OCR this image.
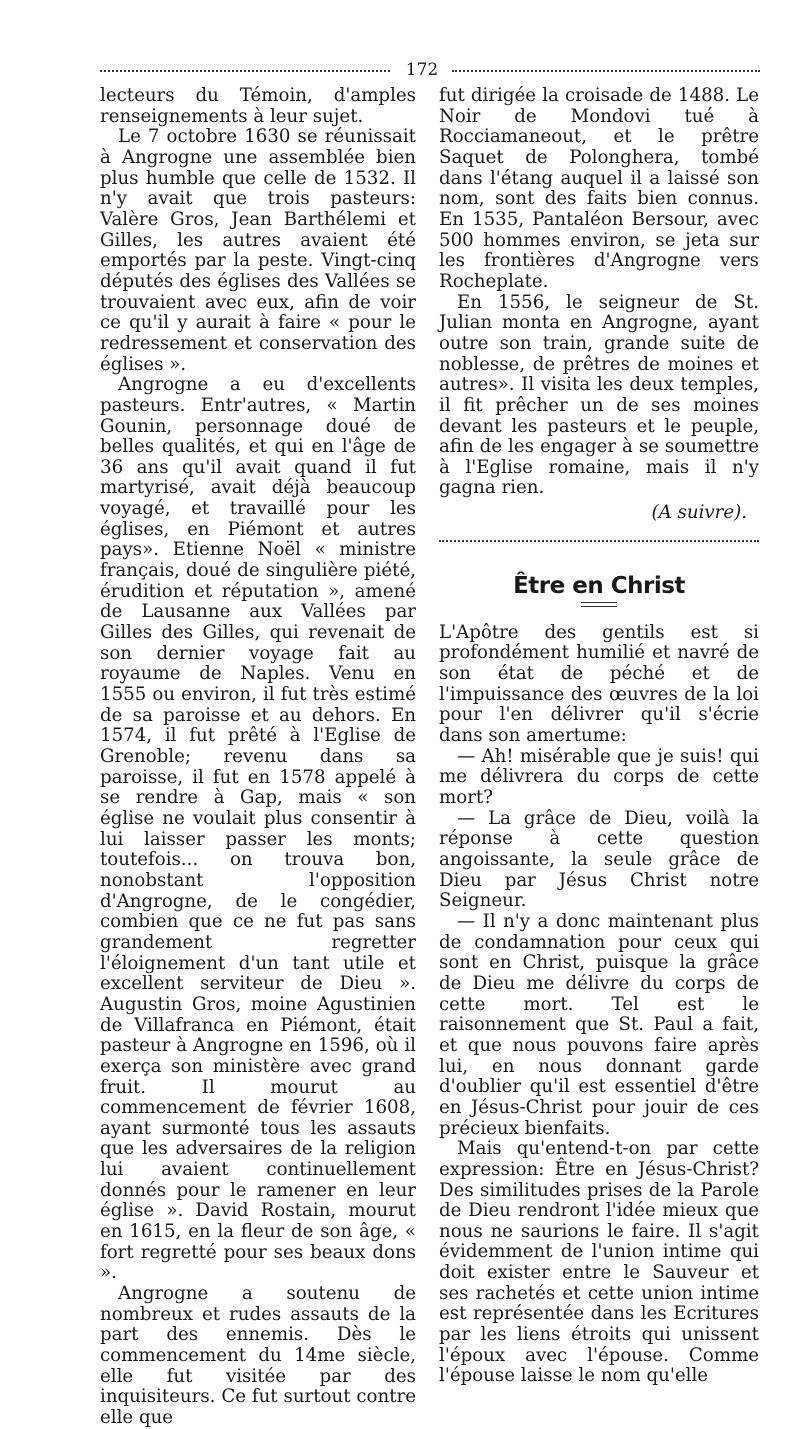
172

lecteurs du Témoin, d'amples renseignements à leur sujet.

Le 7 octobre 1630 se réunissait à Angrogne une assemblée bien plus humble que celle de 1532. Il n'y avait que trois pasteurs: Valère Gros, Jean Barthélemi et Gilles, les autres avaient été emportés par la peste. Vingt-cinq députés des églises des Vallées se trouvaient avec eux, afin de voir ce qu'il y aurait à faire « pour le redressement et conservation des églises ».

Angrogne a eu d'excellents pasteurs. Entr'autres, « Martin Gounin, personnage doué de belles qualités, et qui en l'âge de 36 ans qu'il avait quand il fut martyrisé, avait déjà beaucoup voyagé, et travaillé pour les églises, en Piémont et autres pays». Etienne Noël « ministre français, doué de singulière piété, érudition et réputation », amené de Lausanne aux Vallées par Gilles des Gilles, qui revenait de son dernier voyage fait au royaume de Naples. Venu en 1555 ou environ, il fut très estimé de sa paroisse et au dehors. En 1574, il fut prêté à l'Eglise de Grenoble; revenu dans sa paroisse, il fut en 1578 appelé à se rendre à Gap, mais « son église ne voulait plus consentir à lui laisser passer les monts; toutefois... on trouva bon, nonobstant l'opposition d'Angrogne, de le congédier, combien que ce ne fut pas sans grandement regretter l'éloignement d'un tant utile et excellent serviteur de Dieu ». Augustin Gros, moine Agustinien de Villafranca en Piémont, était pasteur à Angrogne en 1596, où il exerça son ministère avec grand fruit. Il mourut au commencement de février 1608, ayant surmonté tous les assauts que les adversaires de la religion lui avaient continuellement donnés pour le ramener en leur église ». David Rostain, mourut en 1615, en la fleur de son âge, « fort regretté pour ses beaux dons ».

Angrogne a soutenu de nombreux et rudes assauts de la part des ennemis. Dès le commencement du 14me siècle, elle fut visitée par des inquisiteurs. Ce fut surtout contre elle que

fut dirigée la croisade de 1488. Le Noir de Mondovi tué à Rocciamaneout, et le prêtre Saquet de Polonghera, tombé dans l'étang auquel il a laissé son nom, sont des faits bien connus. En 1535, Pantaléon Bersour, avec 500 hommes environ, se jeta sur les frontières d'Angrogne vers Rocheplate.

En 1556, le seigneur de St. Julian monta en Angrogne, ayant outre son train, grande suite de noblesse, de prêtres de moines et autres». Il visita les deux temples, il fit prêcher un de ses moines devant les pasteurs et le peuple, afin de les engager à se soumettre à l'Eglise romaine, mais il n'y gagna rien.

(A suivre).
Être en Christ

L'Apôtre des gentils est si profondément humilié et navré de son état de péché et de l'impuissance des œuvres de la loi pour l'en délivrer qu'il s'écrie dans son amertume:

— Ah! misérable que je suis! qui me délivrera du corps de cette mort?

— La grâce de Dieu, voilà la réponse à cette question angoissante, la seule grâce de Dieu par Jésus Christ notre Seigneur.

— Il n'y a donc maintenant plus de condamnation pour ceux qui sont en Christ, puisque la grâce de Dieu me délivre du corps de cette mort. Tel est le raisonnement que St. Paul a fait, et que nous pouvons faire après lui, en nous donnant garde d'oublier qu'il est essentiel d'être en Jésus-Christ pour jouir de ces précieux bienfaits.

Mais qu'entend-t-on par cette expression: Être en Jésus-Christ? Des similitudes prises de la Parole de Dieu rendront l'idée mieux que nous ne saurions le faire. Il s'agit évidemment de l'union intime qui doit exister entre le Sauveur et ses rachetés et cette union intime est représentée dans les Ecritures par les liens étroits qui unissent l'époux avec l'épouse. Comme l'épouse laisse le nom qu'elle
